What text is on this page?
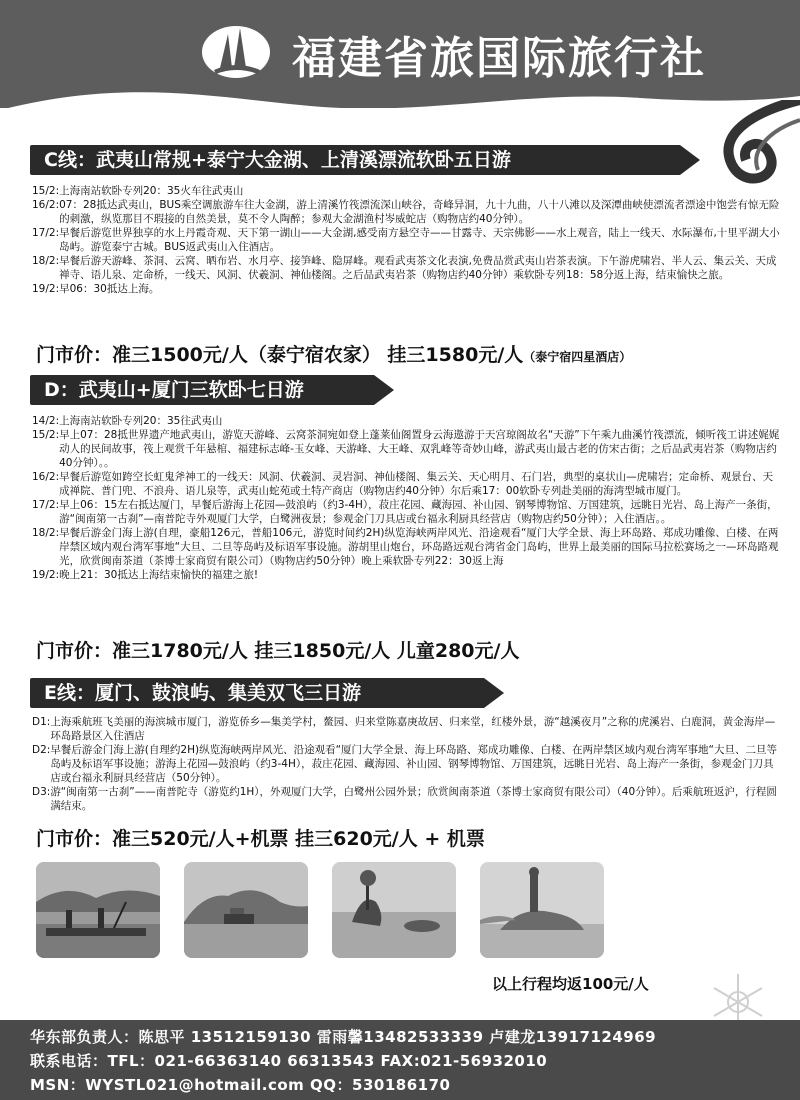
福建省旅国际旅行社
C线：武夷山常规+泰宁大金湖、上清溪漂流软卧五日游
15/2: 上海南站软卧专列20：35火车往武夷山
16/2: 07：28抵达武夷山，BUS乘空调旅游车往大金湖，游上清溪竹筏漂流深山峡谷，奇峰异洞，九十九曲，八十八滩以及深潭曲峡使漂流者漂途中饱尝有惊无险的刺激，纵览那目不瑕接的自然美景，莫不令人陶醉；参观大金湖渔村岑威蛇店（购物店约40分钟）。
17/2: 早餐后游览世界独享的水上丹霞奇观、天下第一湖山——大金湖,感受南方悬空寺——甘露寺、天宗佛影——水上观音，陆上一线天、水际瀑布,十里平湖大小岛屿。游览泰宁古城。BUS返武夷山入住酒店。
18/2: 早餐后游天游峰、茶洞、云窝、晒布岩、水月亭、接笋峰、隐屏峰。观看武夷茶文化表演,免费品赏武夷山岩茶表演。下午游虎啸岩、半人云、集云关、天成禅寺、语儿泉、定命桥，一线天、风洞、伏羲洞、神仙楼阁。之后品武夷岩茶（购物店约40分钟）乘软卧专列18：58分返上海，结束愉快之旅。
19/2: 早06：30抵达上海。
门市价：准三1500元/人（泰宁宿农家） 挂三1580元/人（泰宁宿四星酒店）
D：武夷山+厦门三软卧七日游
14/2: 上海南站软卧专列20：35往武夷山
15/2: 早上07：28抵世界遗产地武夷山，游览天游峰、云窝茶洞宛如登上蓬莱仙阁置身云海遨游于天宫琼阁故名“天游”下午乘九曲溪竹筏漂流，倾听筏工讲述娓娓动人的民间故事，筏上观赏千年悬棺、福建标志峰-玉女峰、天游峰、大王峰、双乳峰等奇妙山峰，游武夷山最古老的仿宋古街；之后品武夷岩茶（购物店约40分钟）。。
16/2: 早餐后游览如跨空长虹鬼斧神工的一线天：风洞、伏羲洞、灵岩洞、神仙楼阁、集云关、天心明月、石门岩，典型的桌状山—虎啸岩；定命桥、观景台、天成禅院、普门兜、不浪舟、语儿泉等，武夷山蛇苑或土特产商店（购物店约40分钟）尔后乘17：00软卧专列赴美丽的海湾型城市厦门。
17/2: 早上06：15左右抵达厦门，早餐后游海上花园—鼓浪屿（约3-4H），菽庄花园、藏海园、补山园、钢琴博物馆、万国建筑，远眺日光岩、岛上海产一条街，游“闽南第一古刹”—南普陀寺外观厦门大学，白鹭洲夜景；参观金门刀具店或台福永利厨具经营店（购物店约50分钟）；入住酒店。。
18/2: 早餐后游金门海上游(自理，豪船126元，普船106元，游览时间约2H)纵览海峡两岸风光、沿途观看“厦门大学全景、海上环岛路、郑成功雕像、白楼、在两岸禁区域内观台湾军事地“大旦、二旦等岛屿及标语军事设施。游胡里山炮台，环岛路远观台湾省金门岛屿，世界上最美丽的国际马拉松赛场之一—环岛路观光，欣赏闽南茶道（茶博士家商贸有限公司）（购物店约50分钟）晚上乘软卧专列22：30返上海
19/2: 晚上21：30抵达上海结束愉快的福建之旅!
门市价：准三1780元/人 挂三1850元/人 儿童280元/人
E线：厦门、鼓浪屿、集美双飞三日游
D1: 上海乘航班飞美丽的海滨城市厦门，游览侨乡—集美学村，鳌园、归来堂陈嘉庚故居、归来堂，红楼外景，游“越溪夜月”之称的虎溪岩、白鹿洞，黄金海岸—环岛路景区入住酒店
D2: 早餐后游金门海上游(自理约2H)纵览海峡两岸风光、沿途观看“厦门大学全景、海上环岛路、郑成功雕像、白楼、在两岸禁区域内观台湾军事地“大旦、二旦等岛屿及标语军事设施；游海上花园—鼓浪屿（约3-4H），菽庄花园、藏海园、补山园、钢琴博物馆、万国建筑，远眺日光岩、岛上海产一条街，参观金门刀具店或台福永利厨具经营店（50分钟）。
D3: 游“闽南第一古刹”——南普陀寺（游览约1H），外观厦门大学，白鹭州公园外景；欣赏闽南茶道（茶博士家商贸有限公司）（40分钟）。后乘航班返沪，行程圆满结束。
门市价：准三520元/人+机票 挂三620元/人 + 机票
以上行程均返100元/人
华东部负责人：陈思平 13512159130 雷雨馨13482533339 卢建龙13917124969
联系电话：TFL：021-66363140 66313543 FAX:021-56932010
MSN：WYSTL021@hotmail.com QQ：530186170
